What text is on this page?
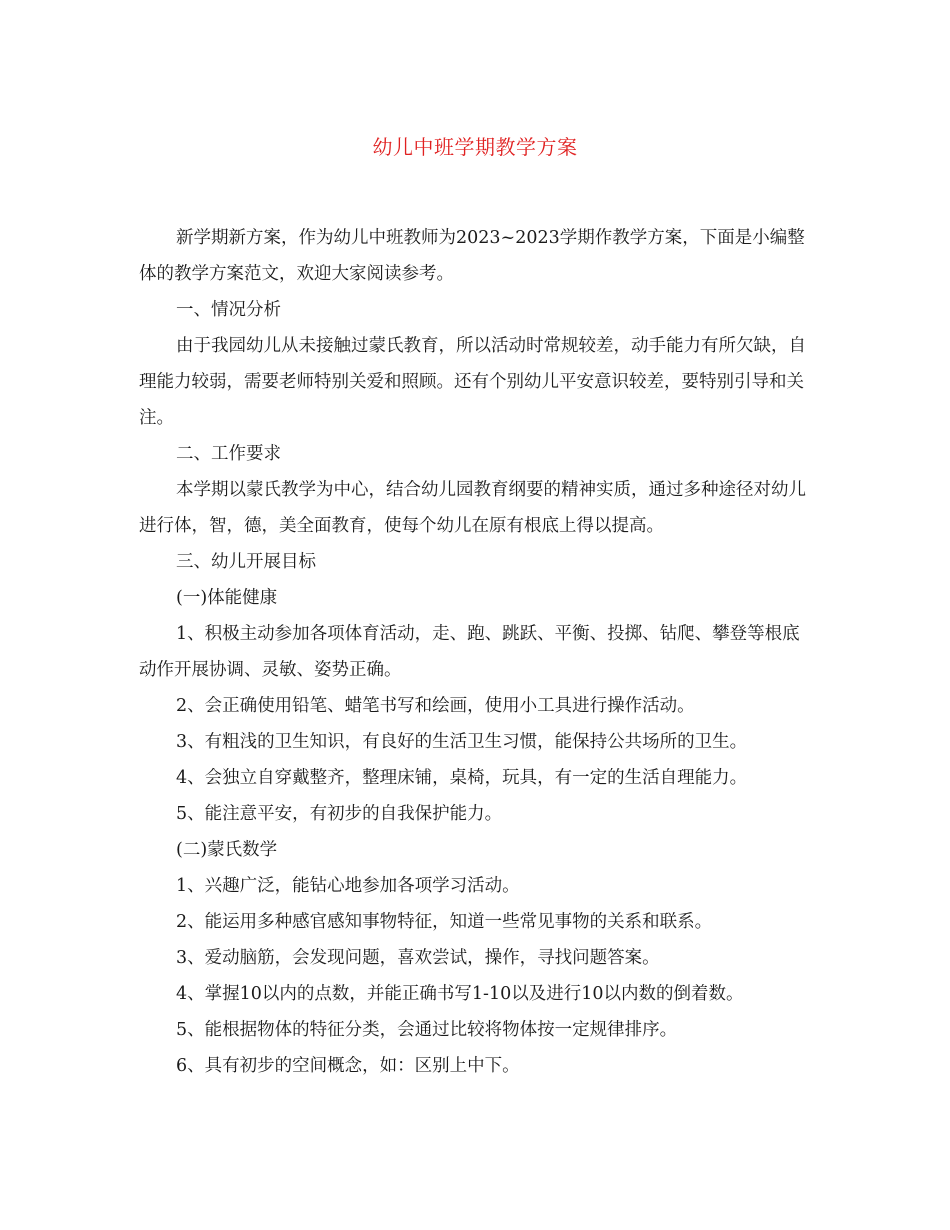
幼儿中班学期教学方案

新学期新方案，作为幼儿中班教师为2023~2023学期作教学方案，下面是小编整体的教学方案范文，欢迎大家阅读参考。

一、情况分析

由于我园幼儿从未接触过蒙氏教育，所以活动时常规较差，动手能力有所欠缺，自理能力较弱，需要老师特别关爱和照顾。还有个别幼儿平安意识较差，要特别引导和关注。

二、工作要求

本学期以蒙氏教学为中心，结合幼儿园教育纲要的精神实质，通过多种途径对幼儿进行体，智，德，美全面教育，使每个幼儿在原有根底上得以提高。

三、幼儿开展目标

(一)体能健康

1、积极主动参加各项体育活动，走、跑、跳跃、平衡、投掷、钻爬、攀登等根底动作开展协调、灵敏、姿势正确。

2、会正确使用铅笔、蜡笔书写和绘画，使用小工具进行操作活动。

3、有粗浅的卫生知识，有良好的生活卫生习惯，能保持公共场所的卫生。

4、会独立自穿戴整齐，整理床铺，桌椅，玩具，有一定的生活自理能力。

5、能注意平安，有初步的自我保护能力。

(二)蒙氏数学

1、兴趣广泛，能钻心地参加各项学习活动。

2、能运用多种感官感知事物特征，知道一些常见事物的关系和联系。

3、爱动脑筋，会发现问题，喜欢尝试，操作，寻找问题答案。

4、掌握10以内的点数，并能正确书写1-10以及进行10以内数的倒着数。

5、能根据物体的特征分类，会通过比较将物体按一定规律排序。

6、具有初步的空间概念，如：区别上中下。
